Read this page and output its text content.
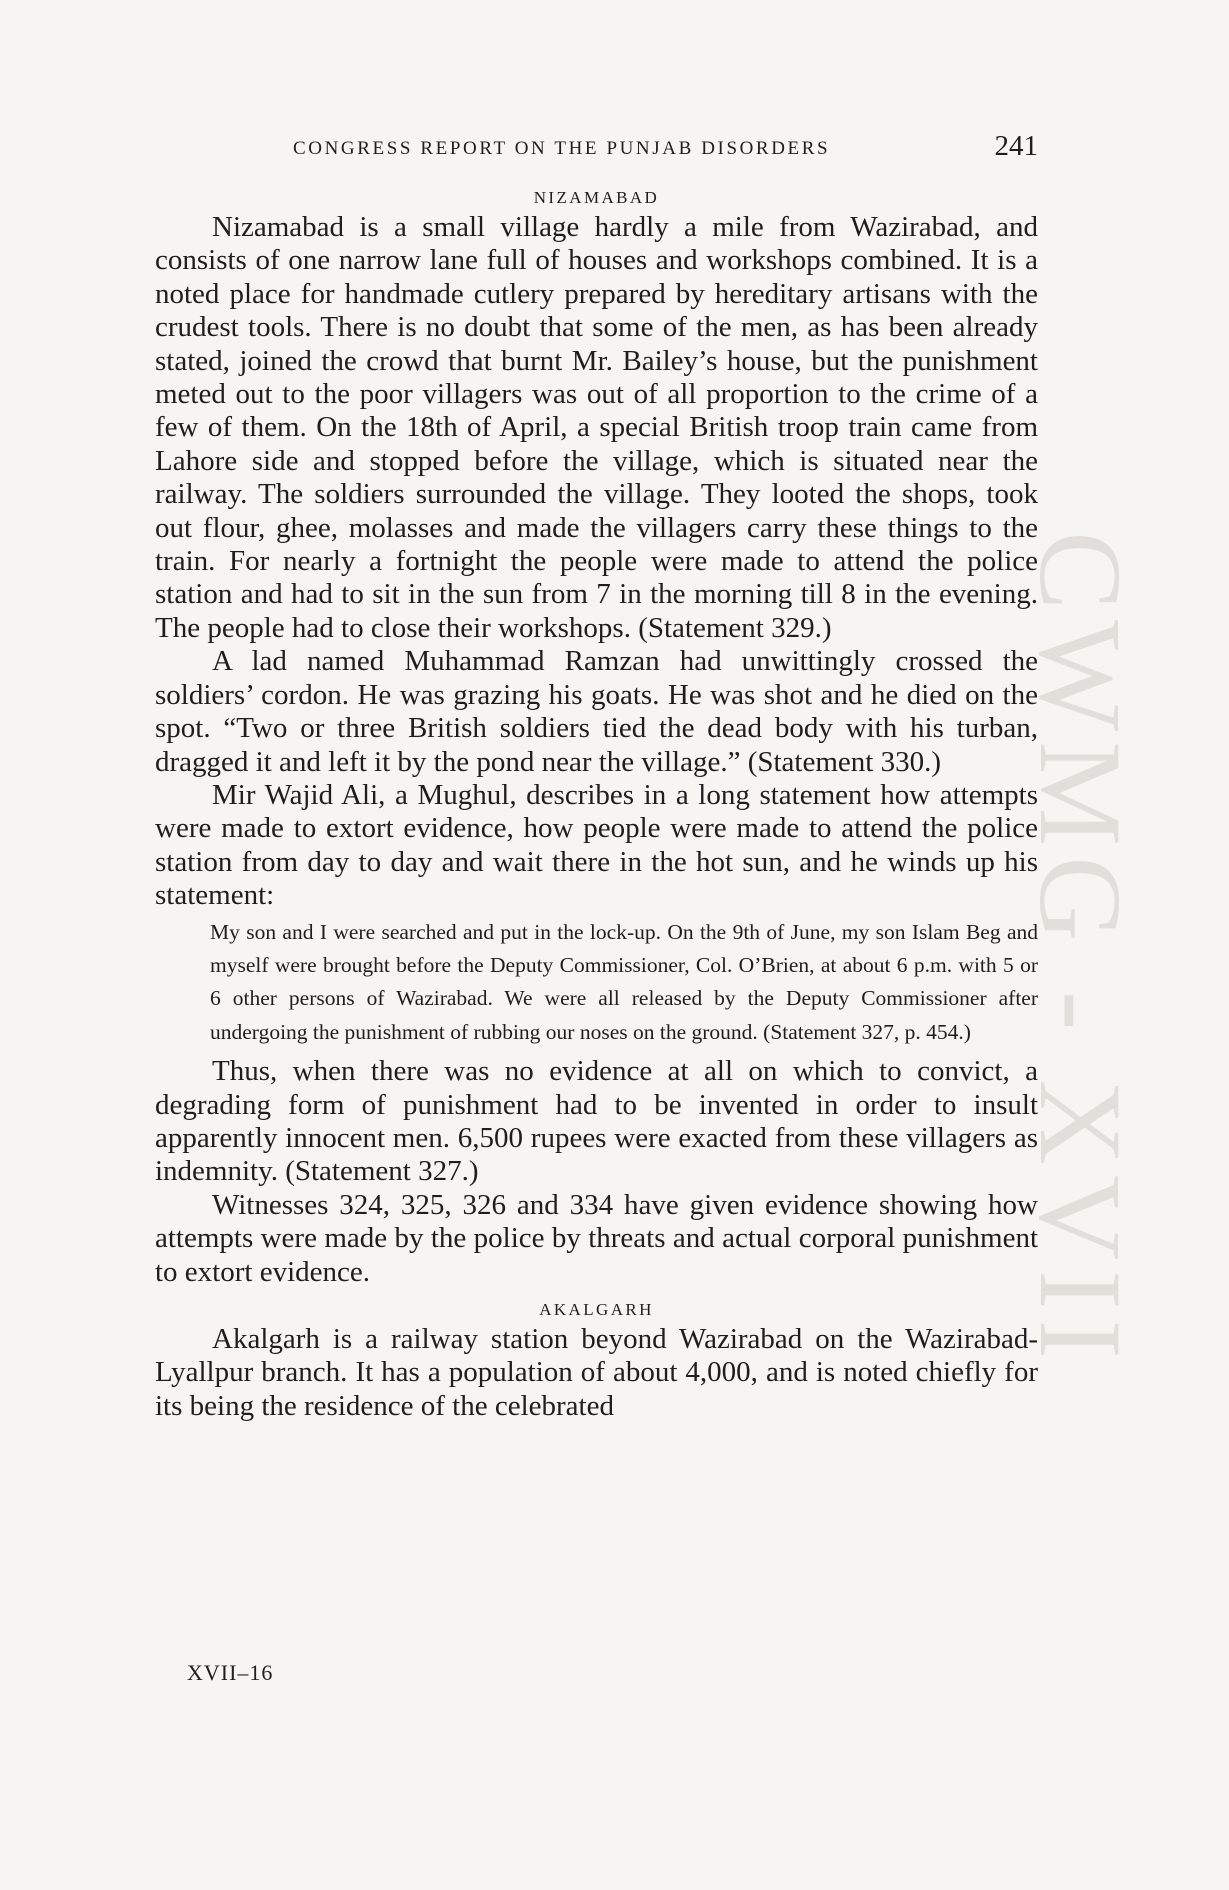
CWMG - XVII
CONGRESS REPORT ON THE PUNJAB DISORDERS	241
NIZAMABAD

Nizamabad is a small village hardly a mile from Wazirabad, and consists of one narrow lane full of houses and workshops combined. It is a noted place for handmade cutlery prepared by hereditary artisans with the crudest tools. There is no doubt that some of the men, as has been already stated, joined the crowd that burnt Mr. Bailey’s house, but the punishment meted out to the poor villagers was out of all proportion to the crime of a few of them. On the 18th of April, a special British troop train came from Lahore side and stopped before the village, which is situated near the railway. The soldiers surrounded the village. They looted the shops, took out flour, ghee, molasses and made the villagers carry these things to the train. For nearly a fortnight the people were made to attend the police station and had to sit in the sun from 7 in the morning till 8 in the evening. The people had to close their workshops. (Statement 329.)

A lad named Muhammad Ramzan had unwittingly crossed the soldiers’ cordon. He was grazing his goats. He was shot and he died on the spot. “Two or three British soldiers tied the dead body with his turban, dragged it and left it by the pond near the village.” (Statement 330.)

Mir Wajid Ali, a Mughul, describes in a long statement how attempts were made to extort evidence, how people were made to attend the police station from day to day and wait there in the hot sun, and he winds up his statement:

My son and I were searched and put in the lock-up. On the 9th of June, my son Islam Beg and myself were brought before the Deputy Commissioner, Col. O’Brien, at about 6 p.m. with 5 or 6 other persons of Wazirabad. We were all released by the Deputy Commissioner after undergoing the punishment of rubbing our noses on the ground. (Statement 327, p. 454.)

Thus, when there was no evidence at all on which to convict, a degrading form of punishment had to be invented in order to insult apparently innocent men. 6,500 rupees were exacted from these villagers as indemnity. (Statement 327.)

Witnesses 324, 325, 326 and 334 have given evidence showing how attempts were made by the police by threats and actual corporal punishment to extort evidence.

AKALGARH

Akalgarh is a railway station beyond Wazirabad on the Wazirabad-Lyallpur branch. It has a population of about 4,000, and is noted chiefly for its being the residence of the celebrated

XVII–16
